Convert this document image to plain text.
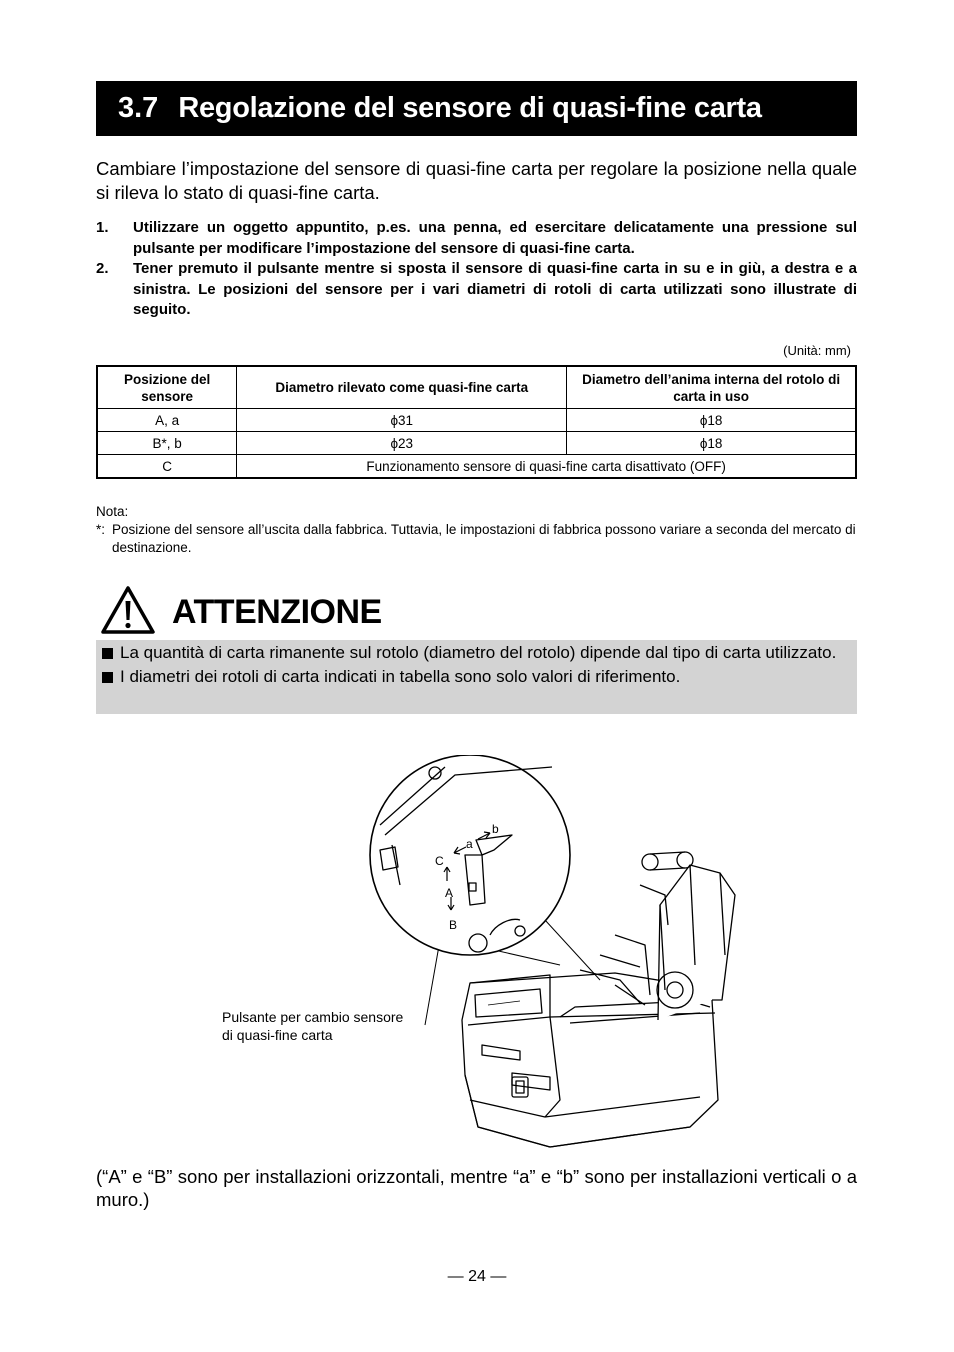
3.7 Regolazione del sensore di quasi-fine carta
Cambiare l’impostazione del sensore di quasi-fine carta per regolare la posizione nella quale si rileva lo stato di quasi-fine carta.
1.	Utilizzare un oggetto appuntito, p.es. una penna, ed esercitare delicatamente una pressione sul pulsante per modificare l’impostazione del sensore di quasi-fine carta.
2.	Tener premuto il pulsante mentre si sposta il sensore di quasi-fine carta in su e in giù, a destra e a sinistra. Le posizioni del sensore per i vari diametri di rotoli di carta utilizzati sono illustrate di seguito.
(Unità: mm)
Posizione del sensore	Diametro rilevato come quasi-fine carta	Diametro dell’anima interna del rotolo di carta in uso
A, a	ϕ31	ϕ18
B*, b	ϕ23	ϕ18
C	Funzionamento sensore di quasi-fine carta disattivato (OFF)	
Nota:
*: Posizione del sensore all’uscita dalla fabbrica. Tuttavia, le impostazioni di fabbrica possono variare a seconda del mercato di destinazione.
ATTENZIONE
La quantità di carta rimanente sul rotolo (diametro del rotolo) dipende dal tipo di carta utilizzato.
I diametri dei rotoli di carta indicati in tabella sono solo valori di riferimento.
C
a
b
A
B
Pulsante per cambio sensore
di quasi-fine carta
(“A” e “B” sono per installazioni orizzontali, mentre “a” e “b” sono per installazioni verticali o a muro.)
— 24 —
